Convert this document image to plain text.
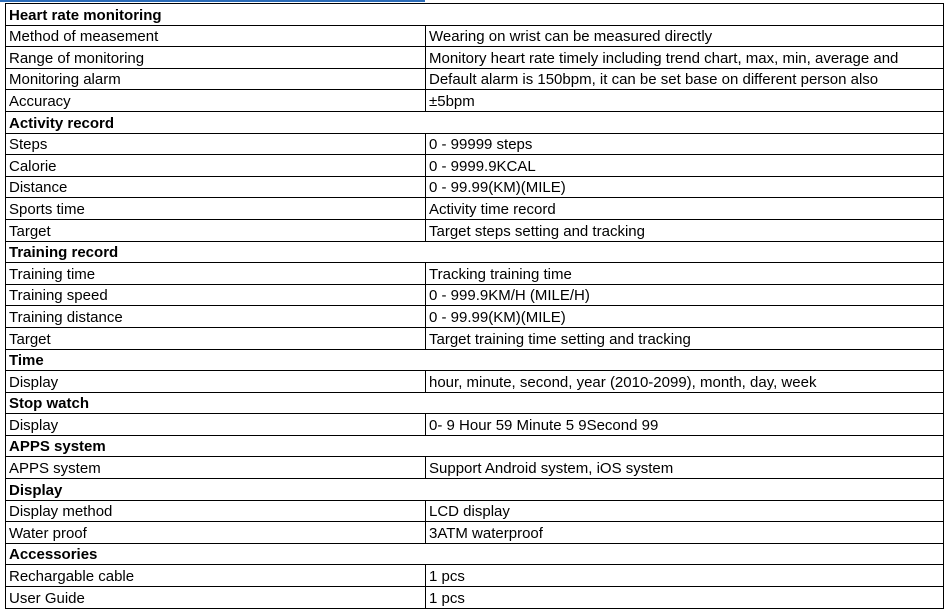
Heart rate monitoring	
Method of measement	Wearing on wrist can be measured directly
Range of monitoring	Monitory heart rate timely including trend chart, max, min, average and
Monitoring alarm	Default alarm is 150bpm, it can be set base on different person also
Accuracy	±5bpm
Activity record	
Steps	0 - 99999 steps
Calorie	0 - 9999.9KCAL
Distance	0 - 99.99(KM)(MILE)
Sports time	Activity time record
Target	Target steps setting and tracking
Training record	
Training time	Tracking training time
Training speed	0 - 999.9KM/H (MILE/H)
Training distance	0 - 99.99(KM)(MILE)
Target	Target training time setting and tracking
Time	
Display	hour, minute, second, year (2010-2099), month, day, week
Stop watch	
Display	0- 9 Hour 59 Minute 5 9Second 99
APPS system	
APPS system	Support Android system, iOS system
Display	
Display method	LCD display
Water proof	3ATM waterproof
Accessories	
Rechargable cable	1 pcs
User Guide	1 pcs
